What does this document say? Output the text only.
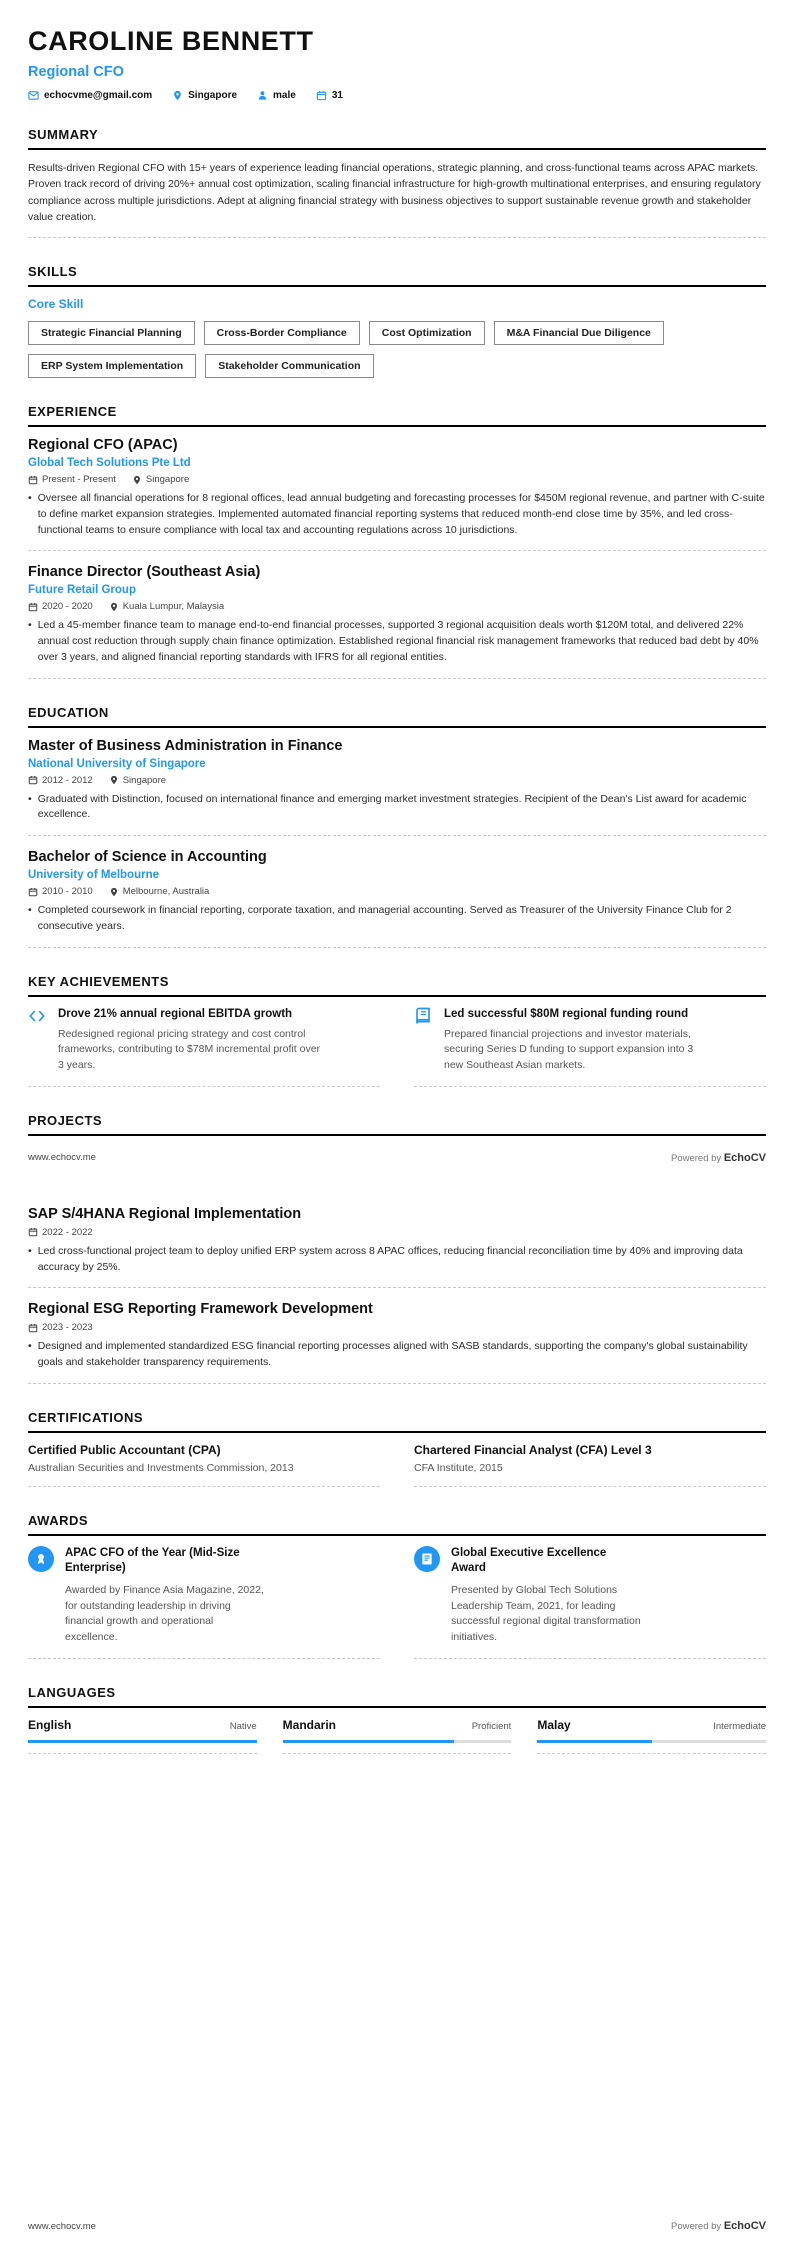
CAROLINE BENNETT
Regional CFO
echocvme@gmail.com	Singapore	male	31
SUMMARY

Results-driven Regional CFO with 15+ years of experience leading financial operations, strategic planning, and cross-functional teams across APAC markets. Proven track record of driving 20%+ annual cost optimization, scaling financial infrastructure for high-growth multinational enterprises, and ensuring regulatory compliance across multiple jurisdictions. Adept at aligning financial strategy with business objectives to support sustainable revenue growth and stakeholder value creation.

SKILLS
Core Skill
Strategic Financial Planning	Cross-Border Compliance	Cost Optimization	M&A Financial Due Diligence
ERP System Implementation	Stakeholder Communication
EXPERIENCE
Regional CFO (APAC)
Global Tech Solutions Pte Ltd
Present - Present	Singapore
• Oversee all financial operations for 8 regional offices, lead annual budgeting and forecasting processes for $450M regional revenue, and partner with C-suite to define market expansion strategies. Implemented automated financial reporting systems that reduced month-end close time by 35%, and led cross-functional teams to ensure compliance with local tax and accounting regulations across 10 jurisdictions.
Finance Director (Southeast Asia)
Future Retail Group
2020 - 2020	Kuala Lumpur, Malaysia
• Led a 45-member finance team to manage end-to-end financial processes, supported 3 regional acquisition deals worth $120M total, and delivered 22% annual cost reduction through supply chain finance optimization. Established regional financial risk management frameworks that reduced bad debt by 40% over 3 years, and aligned financial reporting standards with IFRS for all regional entities.
EDUCATION
Master of Business Administration in Finance
National University of Singapore
2012 - 2012	Singapore
• Graduated with Distinction, focused on international finance and emerging market investment strategies. Recipient of the Dean's List award for academic excellence.
Bachelor of Science in Accounting
University of Melbourne
2010 - 2010	Melbourne, Australia
• Completed coursework in financial reporting, corporate taxation, and managerial accounting. Served as Treasurer of the University Finance Club for 2 consecutive years.
KEY ACHIEVEMENTS
Drove 21% annual regional EBITDA growth
Redesigned regional pricing strategy and cost control frameworks, contributing to $78M incremental profit over 3 years.
Led successful $80M regional funding round
Prepared financial projections and investor materials, securing Series D funding to support expansion into 3 new Southeast Asian markets.
PROJECTS
www.echocv.me	Powered by EchoCV
SAP S/4HANA Regional Implementation
2022 - 2022
• Led cross-functional project team to deploy unified ERP system across 8 APAC offices, reducing financial reconciliation time by 40% and improving data accuracy by 25%.
Regional ESG Reporting Framework Development
2023 - 2023
• Designed and implemented standardized ESG financial reporting processes aligned with SASB standards, supporting the company's global sustainability goals and stakeholder transparency requirements.
CERTIFICATIONS
Certified Public Accountant (CPA)
Australian Securities and Investments Commission, 2013
Chartered Financial Analyst (CFA) Level 3
CFA Institute, 2015
AWARDS
APAC CFO of the Year (Mid-Size Enterprise)
Awarded by Finance Asia Magazine, 2022, for outstanding leadership in driving financial growth and operational excellence.
Global Executive Excellence Award
Presented by Global Tech Solutions Leadership Team, 2021, for leading successful regional digital transformation initiatives.
LANGUAGES
English	Native Mandarin	Proficient Malay	Intermediate
www.echocv.me	Powered by EchoCV
